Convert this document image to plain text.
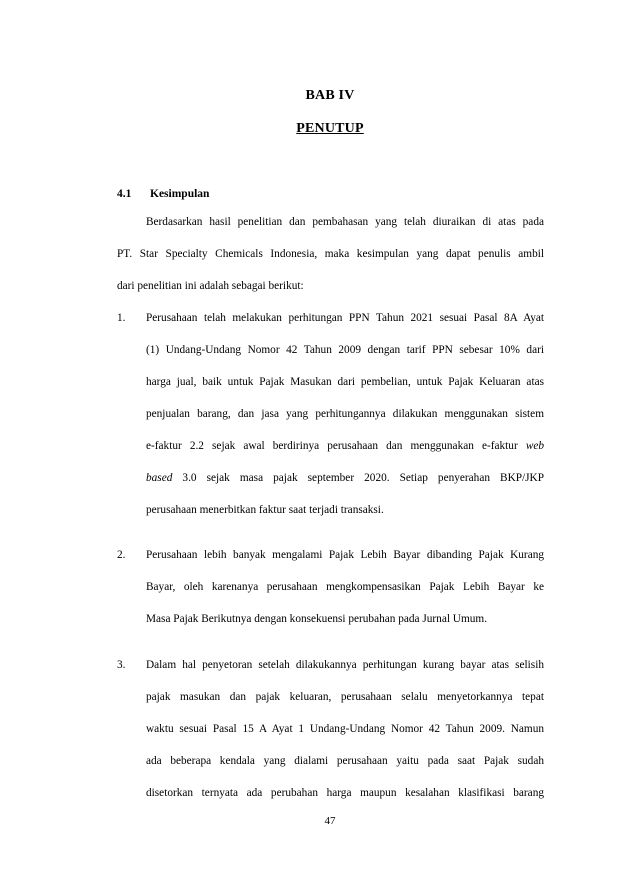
BAB IV
PENUTUP
4.1 Kesimpulan
Berdasarkan hasil penelitian dan pembahasan yang telah diuraikan di atas pada
PT. Star Specialty Chemicals Indonesia, maka kesimpulan yang dapat penulis ambil
dari penelitian ini adalah sebagai berikut:
1. Perusahaan telah melakukan perhitungan PPN Tahun 2021 sesuai Pasal 8A Ayat
(1) Undang-Undang Nomor 42 Tahun 2009 dengan tarif PPN sebesar 10% dari
harga jual, baik untuk Pajak Masukan dari pembelian, untuk Pajak Keluaran atas
penjualan barang, dan jasa yang perhitungannya dilakukan menggunakan sistem
e-faktur 2.2 sejak awal berdirinya perusahaan dan menggunakan e-faktur web
based 3.0 sejak masa pajak september 2020. Setiap penyerahan BKP/JKP
perusahaan menerbitkan faktur saat terjadi transaksi.
2. Perusahaan lebih banyak mengalami Pajak Lebih Bayar dibanding Pajak Kurang
Bayar, oleh karenanya perusahaan mengkompensasikan Pajak Lebih Bayar ke
Masa Pajak Berikutnya dengan konsekuensi perubahan pada Jurnal Umum.
3. Dalam hal penyetoran setelah dilakukannya perhitungan kurang bayar atas selisih
pajak masukan dan pajak keluaran, perusahaan selalu menyetorkannya tepat
waktu sesuai Pasal 15 A Ayat 1 Undang-Undang Nomor 42 Tahun 2009. Namun
ada beberapa kendala yang dialami perusahaan yaitu pada saat Pajak sudah
disetorkan ternyata ada perubahan harga maupun kesalahan klasifikasi barang
47
